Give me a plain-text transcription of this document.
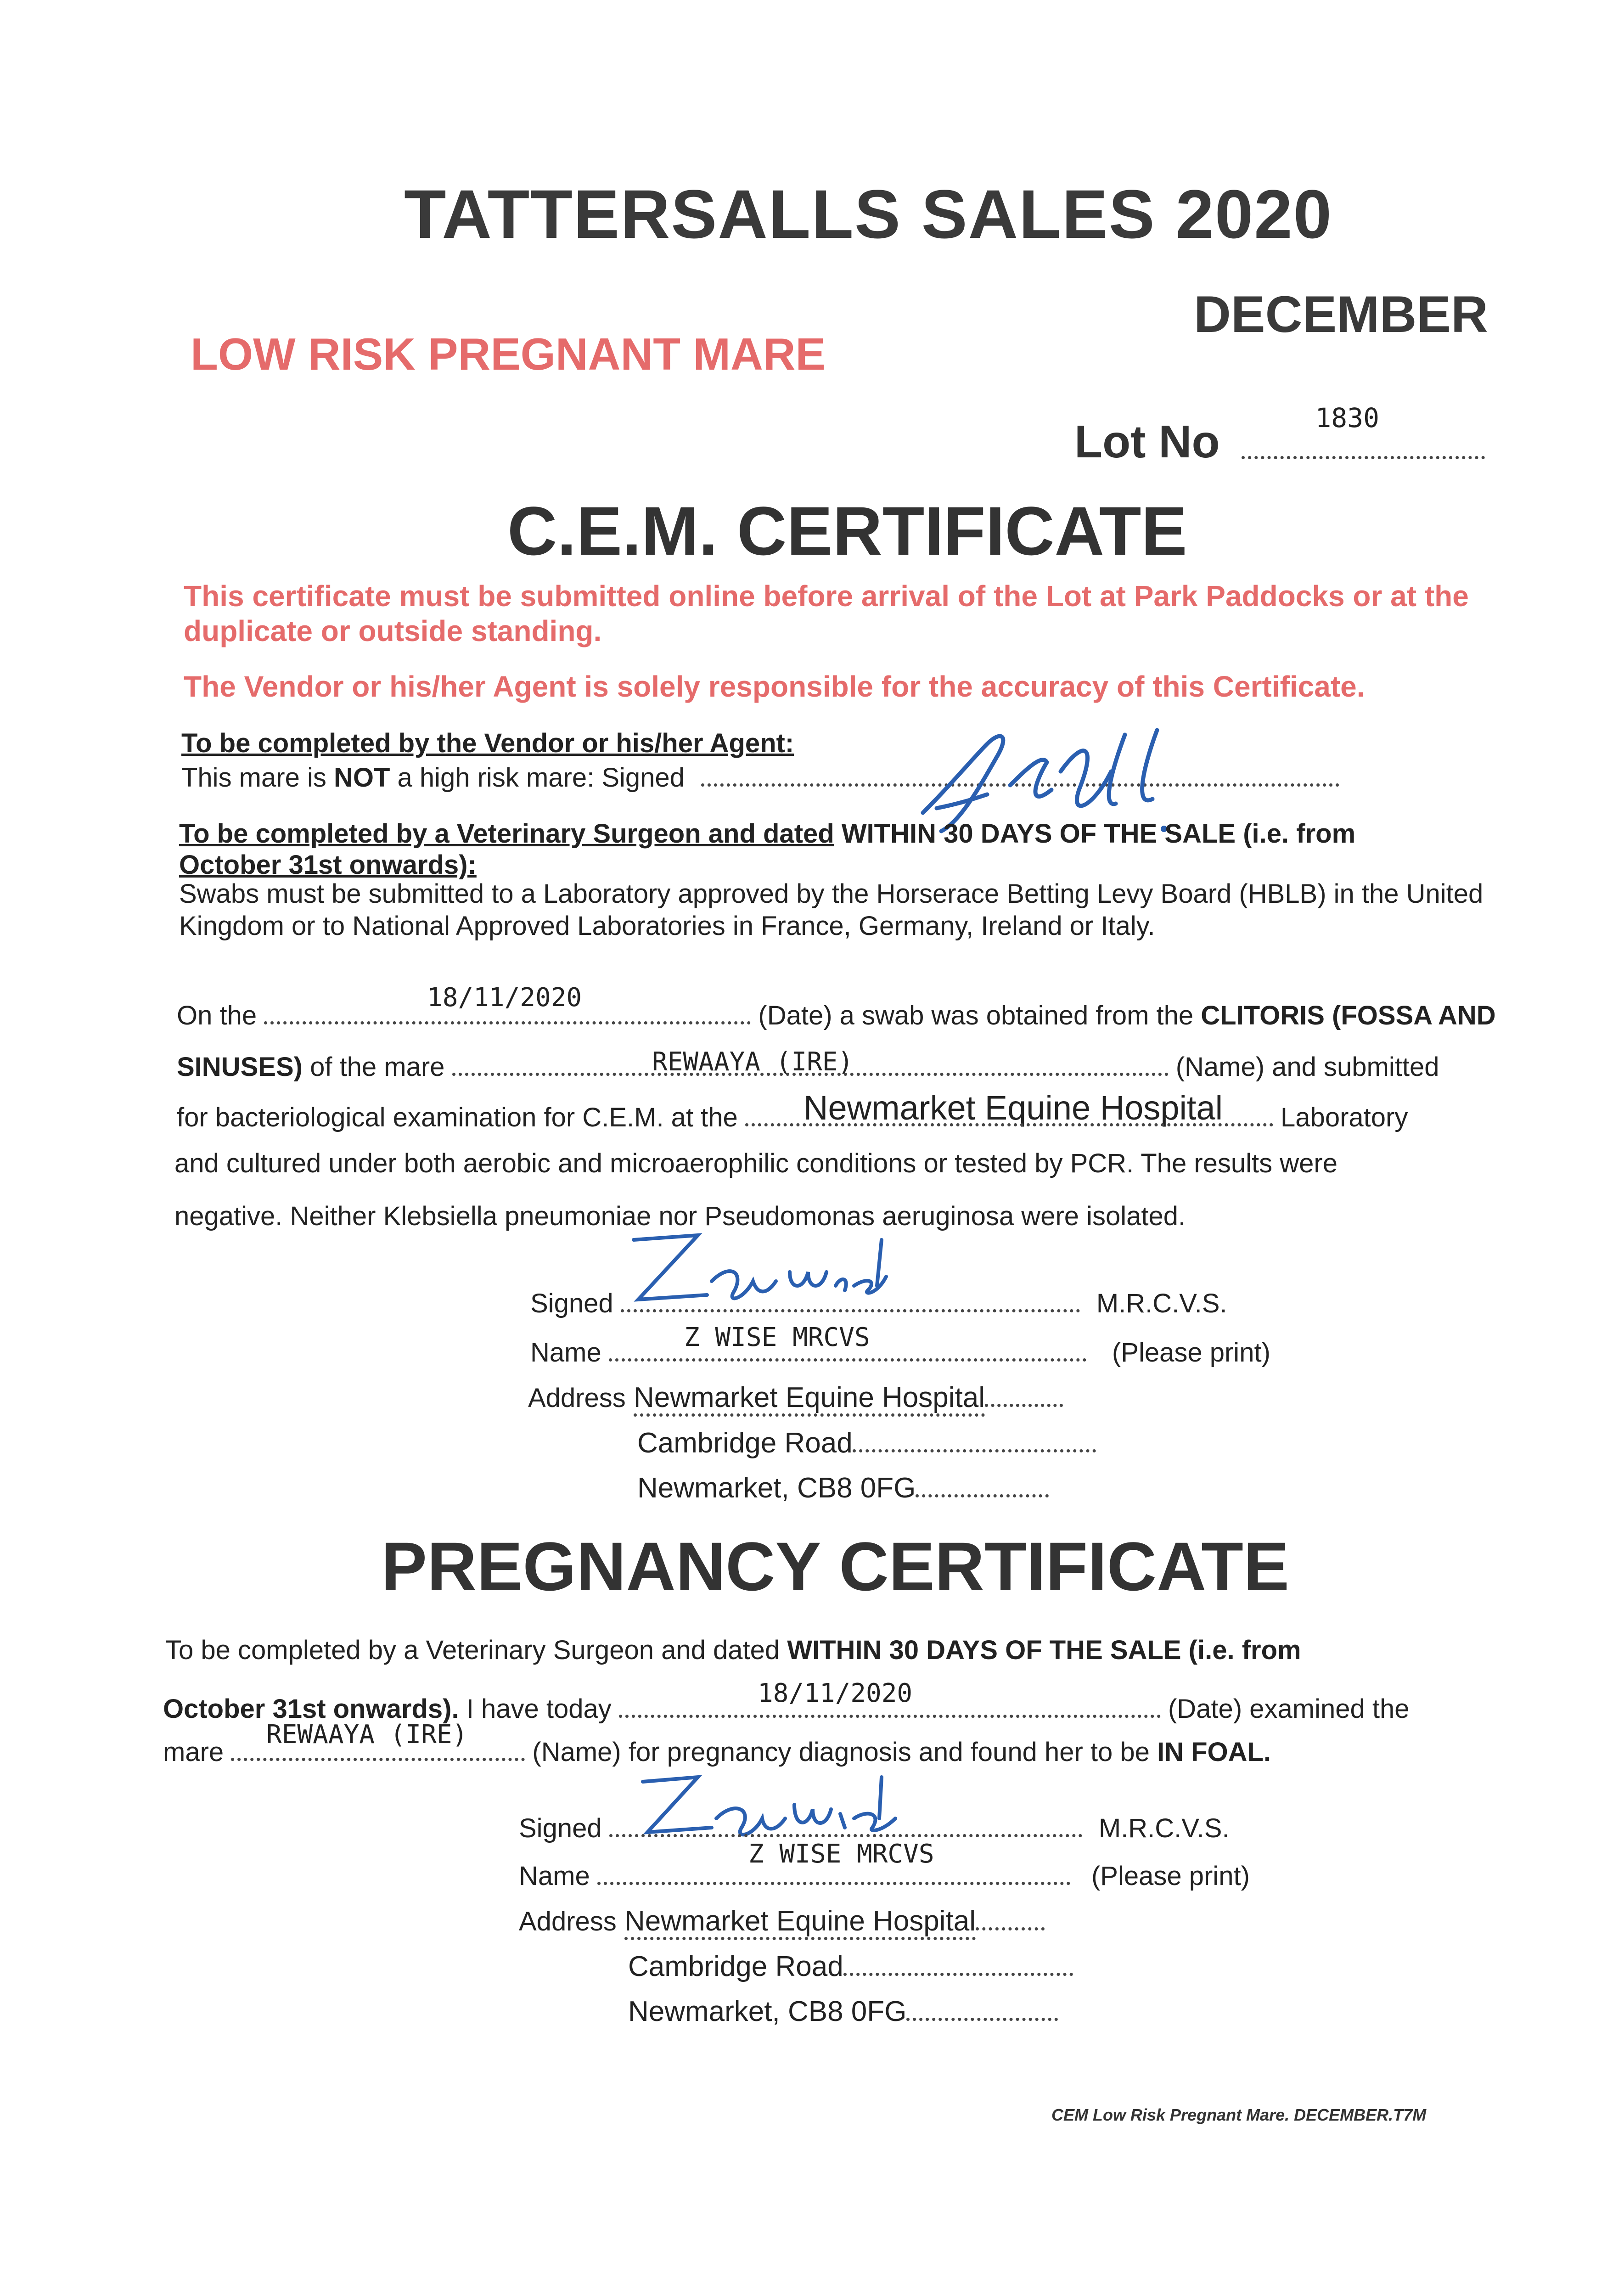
TATTERSALLS SALES 2020
DECEMBER
LOW RISK PREGNANT MARE
Lot No	1830
C.E.M. CERTIFICATE

This certificate must be submitted online before arrival of the Lot at Park Paddocks or at the duplicate or outside standing.

The Vendor or his/her Agent is solely responsible for the accuracy of this Certificate.

To be completed by the Vendor or his/her Agent:
This mare is NOT a high risk mare: Signed
To be completed by a Veterinary Surgeon and dated WITHIN 30 DAYS OF THE SALE (i.e. from
October 31st onwards):

Swabs must be submitted to a Laboratory approved by the Horserace Betting Levy Board (HBLB) in the United Kingdom or to National Approved Laboratories in France, Germany, Ireland or Italy.

18/11/2020
On the	(Date) a swab was obtained from the CLITORIS (FOSSA AND
REWAAYA (IRE)
SINUSES) of the mare	(Name) and submitted
Newmarket Equine Hospital
for bacteriological examination for C.E.M. at the	Laboratory
and cultured under both aerobic and microaerophilic conditions or tested by PCR. The results were
negative. Neither Klebsiella pneumoniae nor Pseudomonas aeruginosa were isolated.
Signed	M.R.C.V.S.
Z WISE MRCVS
Name	(Please print)
Address Newmarket Equine Hospital
Cambridge Road
Newmarket, CB8 0FG
PREGNANCY CERTIFICATE
To be completed by a Veterinary Surgeon and dated WITHIN 30 DAYS OF THE SALE (i.e. from
18/11/2020
October 31st onwards). I have today	(Date) examined the
REWAAYA (IRE)
mare	(Name) for pregnancy diagnosis and found her to be IN FOAL.
Signed	M.R.C.V.S.
Z WISE MRCVS
Name	(Please print)
Address Newmarket Equine Hospital
Cambridge Road
Newmarket, CB8 0FG
CEM Low Risk Pregnant Mare. DECEMBER.T7M
